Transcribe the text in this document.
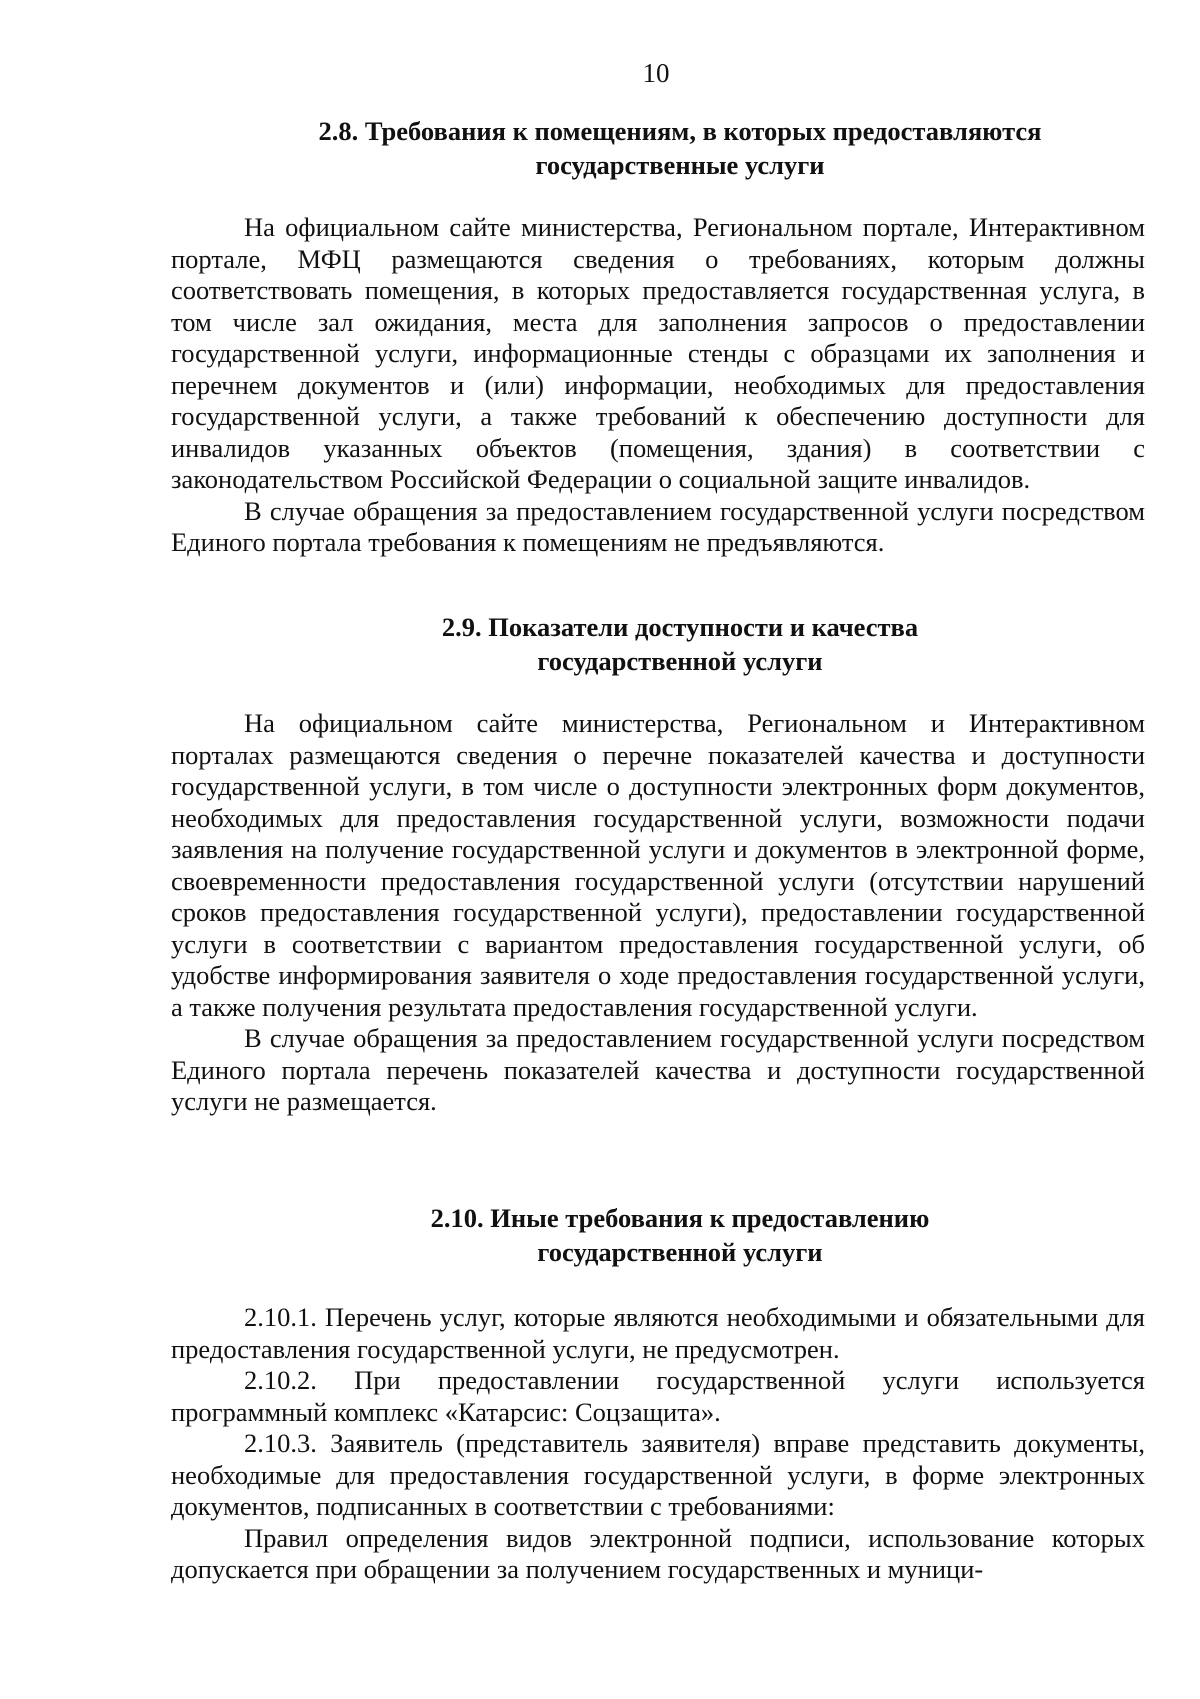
10
2.8. Требования к помещениям, в которых предоставляются
государственные услуги

На официальном сайте министерства, Региональном портале, Интерактивном портале, МФЦ размещаются сведения о требованиях, которым должны соответствовать помещения, в которых предоставляется государственная услуга, в том числе зал ожидания, места для заполнения запросов о предоставлении государственной услуги, информационные стенды с образцами их заполнения и перечнем документов и (или) информации, необходимых для предоставления государственной услуги, а также требований к обеспечению доступности для инвалидов указанных объектов (помещения, здания) в соответствии с законодательством Российской Федерации о социальной защите инвалидов.

В случае обращения за предоставлением государственной услуги посредством Единого портала требования к помещениям не предъявляются.

2.9. Показатели доступности и качества
государственной услуги

На официальном сайте министерства, Региональном и Интерактивном порталах размещаются сведения о перечне показателей качества и доступности государственной услуги, в том числе о доступности электронных форм документов, необходимых для предоставления государственной услуги, возможности подачи заявления на получение государственной услуги и документов в электронной форме, своевременности предоставления государственной услуги (отсутствии нарушений сроков предоставления государственной услуги), предоставлении государственной услуги в соответствии с вариантом предоставления государственной услуги, об удобстве информирования заявителя о ходе предоставления государственной услуги, а также получения результата предоставления государственной услуги.

В случае обращения за предоставлением государственной услуги посредством Единого портала перечень показателей качества и доступности государственной услуги не размещается.

2.10. Иные требования к предоставлению
государственной услуги

2.10.1. Перечень услуг, которые являются необходимыми и обязательными для предоставления государственной услуги, не предусмотрен.

2.10.2. При предоставлении государственной услуги используется программный комплекс «Катарсис: Соцзащита».

2.10.3. Заявитель (представитель заявителя) вправе представить документы, необходимые для предоставления государственной услуги, в форме электронных документов, подписанных в соответствии с требованиями:

Правил определения видов электронной подписи, использование которых допускается при обращении за получением государственных и муници-
